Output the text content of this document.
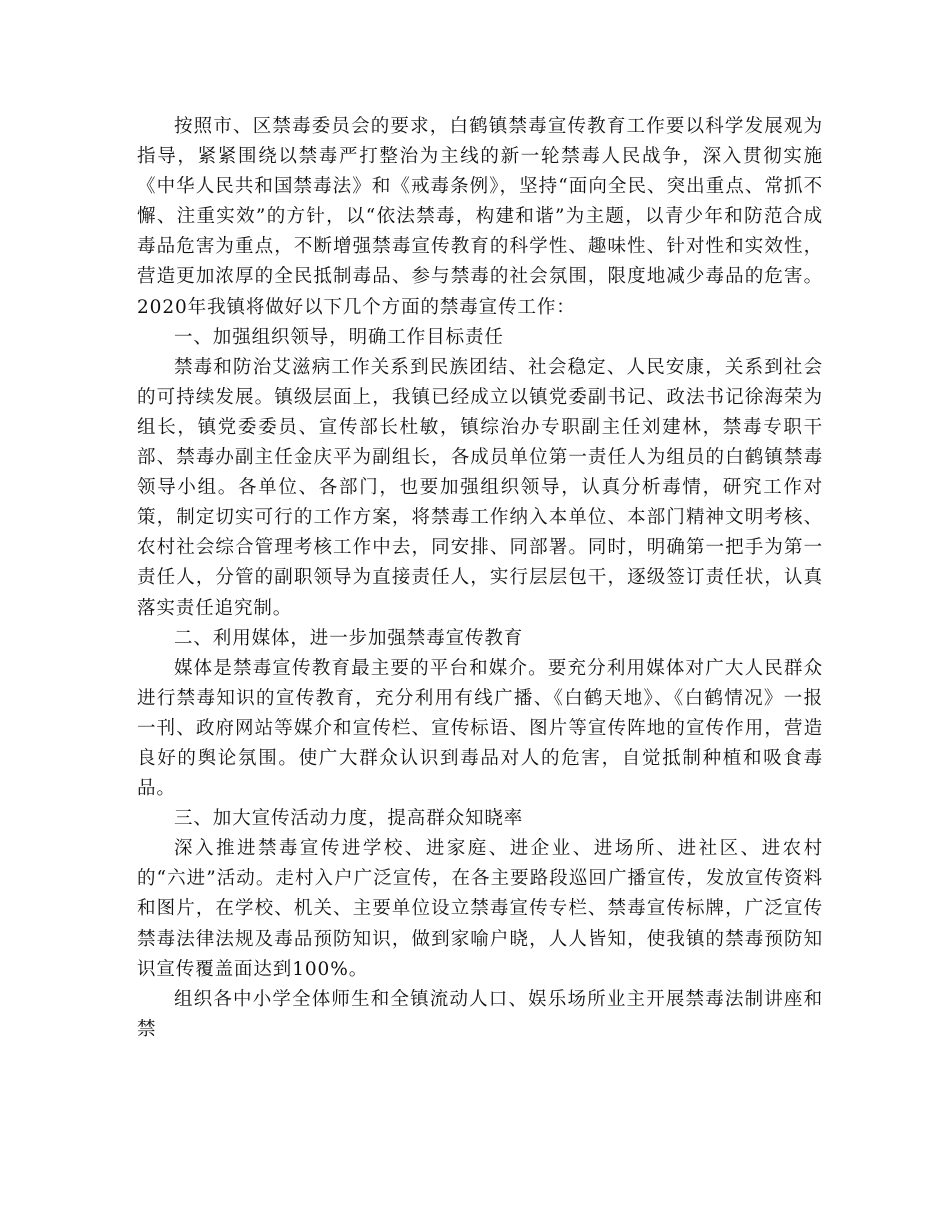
按照市、区禁毒委员会的要求，白鹤镇禁毒宣传教育工作要以科学发展观为指导，紧紧围绕以禁毒严打整治为主线的新一轮禁毒人民战争，深入贯彻实施《中华人民共和国禁毒法》和《戒毒条例》，坚持“面向全民、突出重点、常抓不懈、注重实效”的方针，以“依法禁毒，构建和谐”为主题，以青少年和防范合成毒品危害为重点，不断增强禁毒宣传教育的科学性、趣味性、针对性和实效性，营造更加浓厚的全民抵制毒品、参与禁毒的社会氛围，限度地减少毒品的危害。2020年我镇将做好以下几个方面的禁毒宣传工作：

一、加强组织领导，明确工作目标责任

禁毒和防治艾滋病工作关系到民族团结、社会稳定、人民安康，关系到社会的可持续发展。镇级层面上，我镇已经成立以镇党委副书记、政法书记徐海荣为组长，镇党委委员、宣传部长杜敏，镇综治办专职副主任刘建林，禁毒专职干部、禁毒办副主任金庆平为副组长，各成员单位第一责任人为组员的白鹤镇禁毒领导小组。各单位、各部门，也要加强组织领导，认真分析毒情，研究工作对策，制定切实可行的工作方案，将禁毒工作纳入本单位、本部门精神文明考核、农村社会综合管理考核工作中去，同安排、同部署。同时，明确第一把手为第一责任人，分管的副职领导为直接责任人，实行层层包干，逐级签订责任状，认真落实责任追究制。

二、利用媒体，进一步加强禁毒宣传教育

媒体是禁毒宣传教育最主要的平台和媒介。要充分利用媒体对广大人民群众进行禁毒知识的宣传教育，充分利用有线广播、《白鹤天地》、《白鹤情况》一报一刊、政府网站等媒介和宣传栏、宣传标语、图片等宣传阵地的宣传作用，营造良好的舆论氛围。使广大群众认识到毒品对人的危害，自觉抵制种植和吸食毒品。

三、加大宣传活动力度，提高群众知晓率

深入推进禁毒宣传进学校、进家庭、进企业、进场所、进社区、进农村的“六进”活动。走村入户广泛宣传，在各主要路段巡回广播宣传，发放宣传资料和图片，在学校、机关、主要单位设立禁毒宣传专栏、禁毒宣传标牌，广泛宣传禁毒法律法规及毒品预防知识，做到家喻户晓，人人皆知，使我镇的禁毒预防知识宣传覆盖面达到100%。

组织各中小学全体师生和全镇流动人口、娱乐场所业主开展禁毒法制讲座和禁
